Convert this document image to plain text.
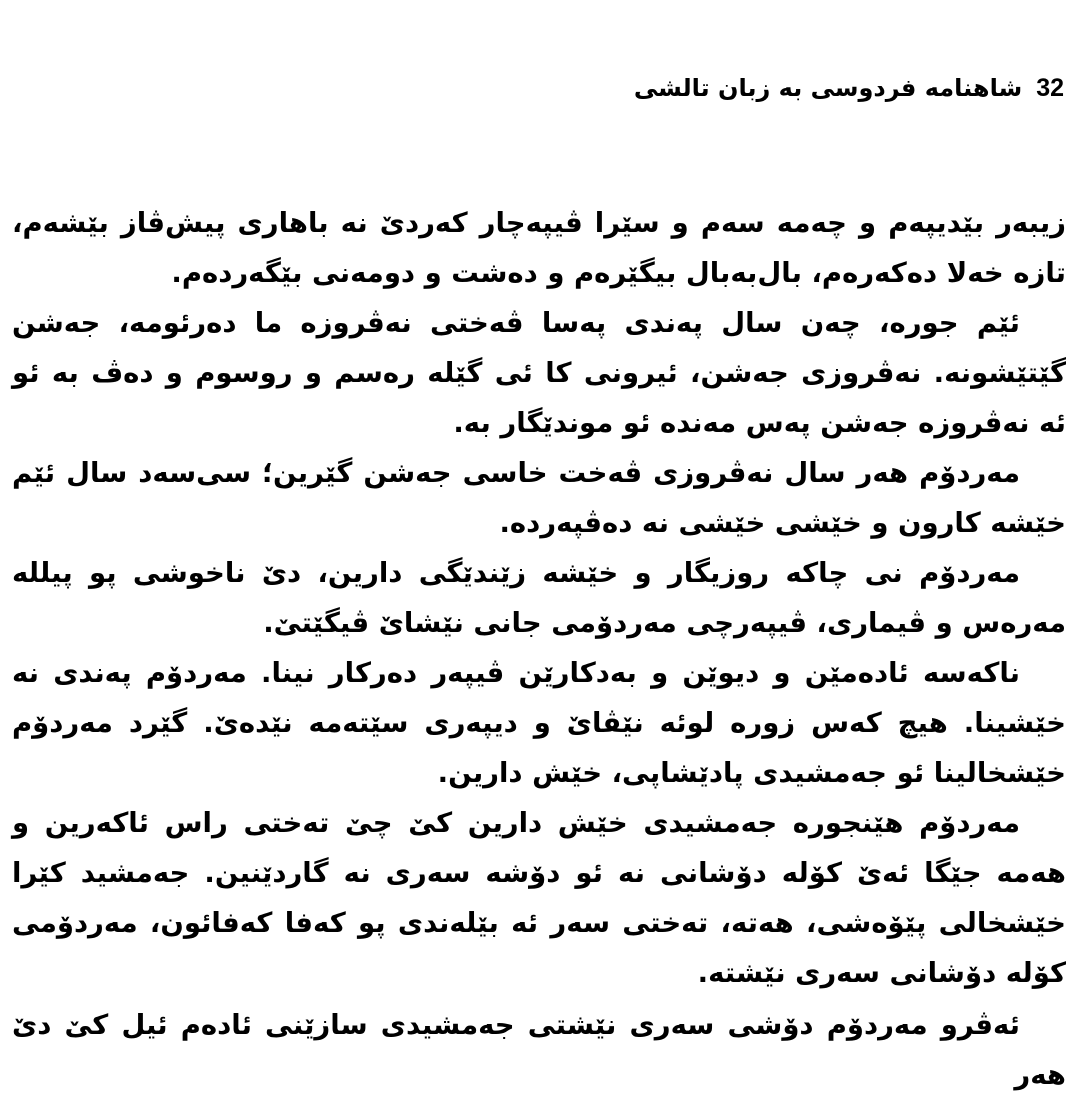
32
شاهنامه فردوسی به زبان تالشی

زیبەر بێدیپەم و چەمە سەم و سێرا ڤیپەچار کەردێ نە باهاری پیش‌ڤاز بێشەم، تازە خەلا دەکەرەم، بال‌بەبال بیگێرەم و دەشت و دومەنی بێگەردەم.

ئێم جورە، چەن سال پەندی پەسا ڤەختی نەڤروزە ما دەرئومە، جەشن گێتێشونە. نەڤروزی جەشن، ئیرونی کا ئی گێلە رەسم و روسوم و دەڤ بە ئو ئە نەڤروزە جەشن پەس مەندە ئو موندێگار بە.

مەردۆم هەر سال نەڤروزی ڤەخت خاسی جەشن گێرین؛ سی‌سەد سال ئێم خێشە کارون و خێشی خێشی نە دەڤپەردە.

مەردۆم نی چاکە روزیگار و خێشە زێندێگی دارین، دێ ناخوشی پو پیللە مەرەس و ڤیماری، ڤیپەرچی مەردۆمی جانی نێشاێ ڤیگێتێ.

ناکەسە ئادەمێن و دیوێن و بەدکارێن ڤیپەر دەرکار نینا. مەردۆم پەندی نە خێشینا. هیچ کەس زورە لوئە نێڤاێ و دیپەری سێتەمە نێدەێ. گێرد مەردۆم خێشخالینا ئو جەمشیدی پادێشاپی، خێش دارین.

مەردۆم هێنجورە جەمشیدی خێش دارین کێ چێ تەختی راس ئاکەرین و هەمە جێگا ئەێ کۆلە دۆشانی نە ئو دۆشە سەری نە گاردێنین. جەمشید کێرا خێشخالی پێۆەشی، هەتە، تەختی سەر ئە بێلەندی پو کەفا کەفائون، مەردۆمی کۆلە دۆشانی سەری نێشتە.

ئەڤرو مەردۆم دۆشی سەری نێشتی جەمشیدی سازێنی ئادەم ئیل کێ دێ هەر
